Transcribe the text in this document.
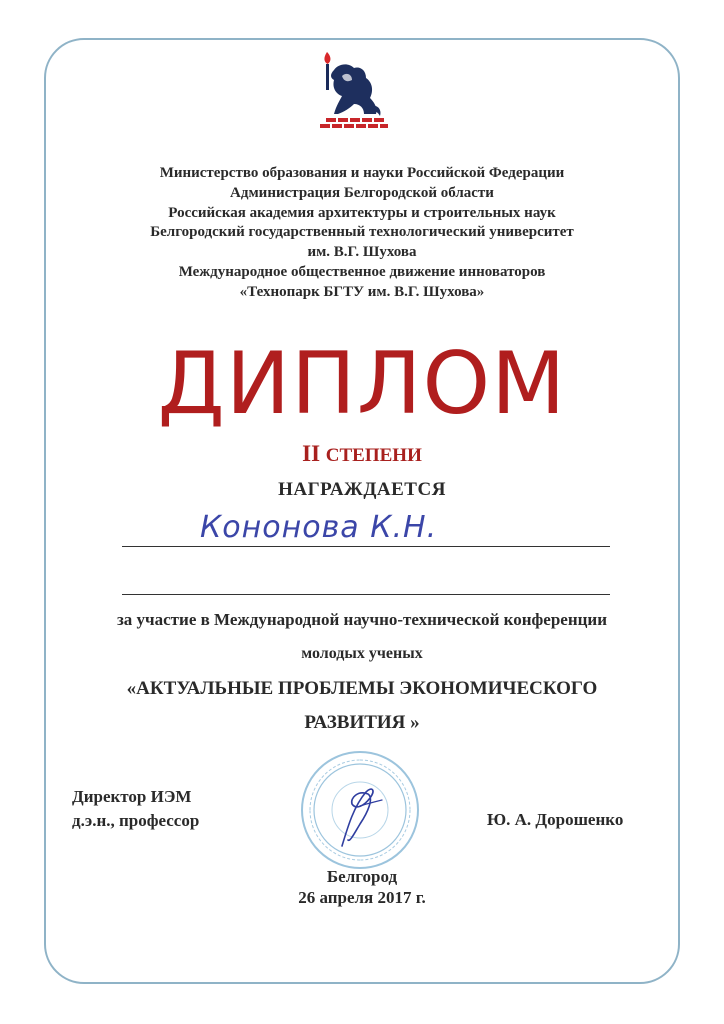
Министерство образования и науки Российской Федерации
Администрация Белгородской области
Российская академия архитектуры и строительных наук
Белгородский государственный технологический университет
им. В.Г. Шухова
Международное общественное движение инноваторов
«Технопарк БГТУ им. В.Г. Шухова»
ДИПЛОМ
II СТЕПЕНИ
НАГРАЖДАЕТСЯ
Кононова К.Н.
за участие в Международной научно-технической конференции
молодых ученых
«АКТУАЛЬНЫЕ ПРОБЛЕМЫ ЭКОНОМИЧЕСКОГО
РАЗВИТИЯ »
Директор ИЭМ
д.э.н., профессор	Ю. А. Дорошенко
Белгород
26 апреля 2017 г.
